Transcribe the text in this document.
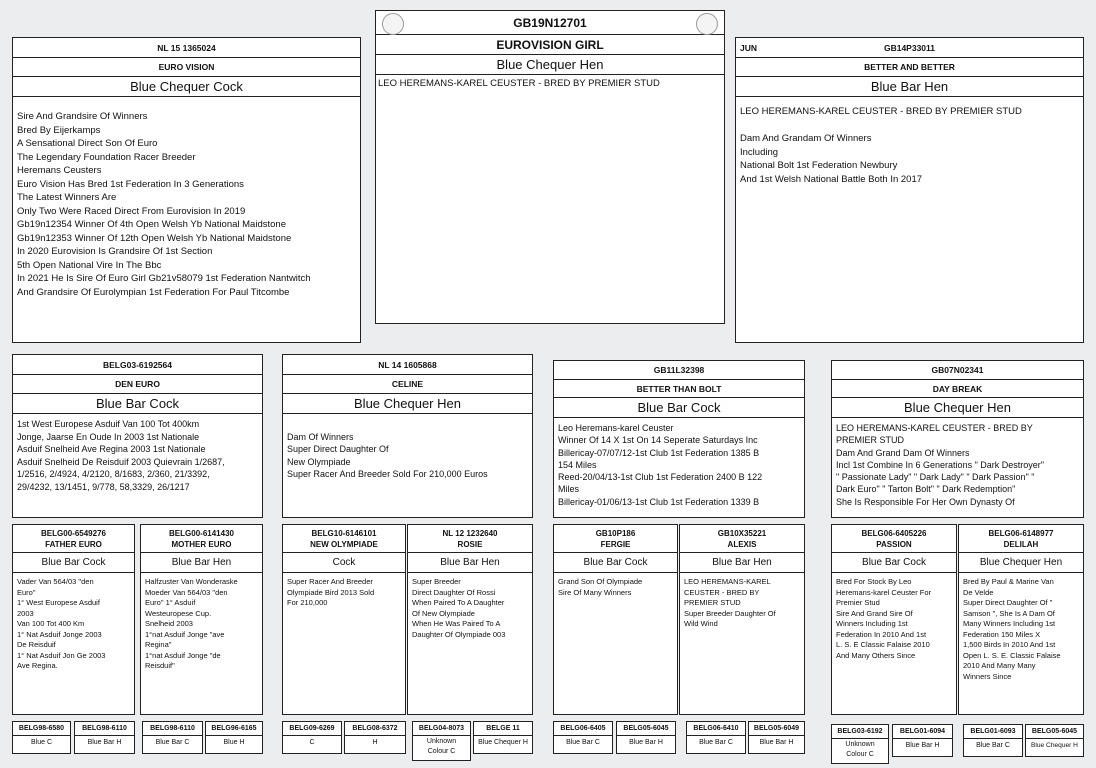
GB19N12701
EUROVISION GIRL
Blue Chequer Hen
LEO HEREMANS-KAREL CEUSTER - BRED BY PREMIER STUD
NL 15 1365024
EURO VISION
Blue Chequer Cock
Sire And Grandsire Of Winners
Bred By Eijerkamps
A Sensational Direct Son Of Euro
The Legendary Foundation Racer Breeder
Heremans Ceusters
Euro Vision Has Bred 1st Federation In 3 Generations
The Latest Winners Are
Only Two Were Raced Direct From Eurovision In 2019
Gb19n12354 Winner Of 4th Open Welsh Yb National Maidstone
Gb19n12353 Winner Of 12th Open Welsh Yb National Maidstone
In 2020 Eurovision Is Grandsire Of 1st Section
5th Open National Vire In The Bbc
In 2021 He Is Sire Of Euro Girl Gb21v58079 1st Federation Nantwitch
And Grandsire Of Eurolympian 1st Federation For Paul Titcombe
JUN	GB14P33011
BETTER AND BETTER
Blue Bar Hen
LEO HEREMANS-KAREL CEUSTER - BRED BY PREMIER STUD

Dam And Grandam Of Winners
Including
National Bolt 1st Federation Newbury
And 1st Welsh National Battle Both In 2017
BELG03-6192564
DEN EURO
Blue Bar Cock
1st West Europese Asduif Van 100 Tot 400km
Jonge, Jaarse En Oude In 2003 1st Nationale
Asduif Snelheid Ave Regina 2003 1st Nationale
Asduif Snelheid De Reisduif 2003 Quievrain 1/2687,
1/2516, 2/4924, 4/2120, 8/1683, 2/360, 21/3392,
29/4232, 13/1451, 9/778, 58,3329, 26/1217
NL 14 1605868
CELINE
Blue Chequer Hen

Dam Of Winners
Super Direct Daughter Of
New Olympiade
Super Racer And Breeder Sold For 210,000 Euros
GB11L32398
BETTER THAN BOLT
Blue Bar Cock
Leo Heremans-karel Ceuster
Winner Of 14 X 1st On 14 Seperate Saturdays Inc
Billericay-07/07/12-1st Club 1st Federation 1385 B
154 Miles
Reed-20/04/13-1st Club 1st Federation 2400 B 122
Miles
Billericay-01/06/13-1st Club 1st Federation 1339 B
GB07N02341
DAY BREAK
Blue Chequer Hen
LEO HEREMANS-KAREL CEUSTER - BRED BY
PREMIER STUD
Dam And Grand Dam Of Winners
Incl 1st Combine In 6 Generations " Dark Destroyer"
" Passionate Lady" " Dark Lady" " Dark Passion" "
Dark Euro" " Tarton Bolt" " Dark Redemption"
She Is Responsible For Her Own Dynasty Of
BELG00-6549276
FATHER EURO
Blue Bar Cock
Vader Van 564/03 "den
Euro"
1° West Europese Asduif
2003
Van 100 Tot 400 Km
1° Nat Asduif Jonge 2003
De Reisduif
1° Nat Asduif Jon Ge 2003
Ave Regina.
BELG00-6141430
MOTHER EURO
Blue Bar Hen
Halfzuster Van Wonderaske
Moeder Van 564/03 "den
Euro" 1° Asduif
Westeuropese Cup.
Snelheid 2003
1°nat Asduif Jonge "ave
Regina"
1°nat Asduif Jonge "de
Reisduif"
BELG10-6146101
NEW OLYMPIADE
Cock
Super Racer And Breeder
Olympiade Bird 2013 Sold
For 210,000
NL 12 1232640
ROSIE
Blue Bar Hen
Super Breeder
Direct Daughter Of Rossi
When Paired To A Daughter
Of New Olympiade
When He Was Paired To A
Daughter Of Olympiade 003
GB10P186
FERGIE
Blue Bar Cock
Grand Son Of Olympiade
Sire Of Many Winners
GB10X35221
ALEXIS
Blue Bar Hen
LEO HEREMANS-KAREL
CEUSTER - BRED BY
PREMIER STUD
Super Breeder Daughter Of
Wild Wind
BELG06-6405226
PASSION
Blue Bar Cock
Bred For Stock By Leo
Heremans-karel Ceuster For
Premier Stud
Sire And Grand Sire Of
Winners Including 1st
Federation In 2010 And 1st
L. S. E Classic Falaise 2010
And Many Others Since
BELG06-6148977
DELILAH
Blue Chequer Hen
Bred By Paul & Marine Van
De Velde
Super Direct Daughter Of "
Samson ", She Is A Dam Of
Many Winners Including 1st
Federation 150 Miles X
1,500 Birds In 2010 And 1st
Open L. S. E. Classic Falaise
2010 And Many Many
Winners Since
BELG98-6580
Blue C
BELG98-6110
Blue Bar H
BELG98-6110
Blue Bar C
BELG96-6165
Blue H
BELG09-6269
C
BELG08-6372
H
BELG04-8073
Unknown Colour C
BELGE 11
Blue Chequer H
BELG06-6405
Blue Bar C
BELG05-6045
Blue Bar H
BELG06-6410
Blue Bar C
BELG05-6049
Blue Bar H
BELG03-6192
Unknown Colour C
BELG01-6094
Blue Bar H
BELG01-6093
Blue Bar C
BELG05-6045
Blue Chequer H
